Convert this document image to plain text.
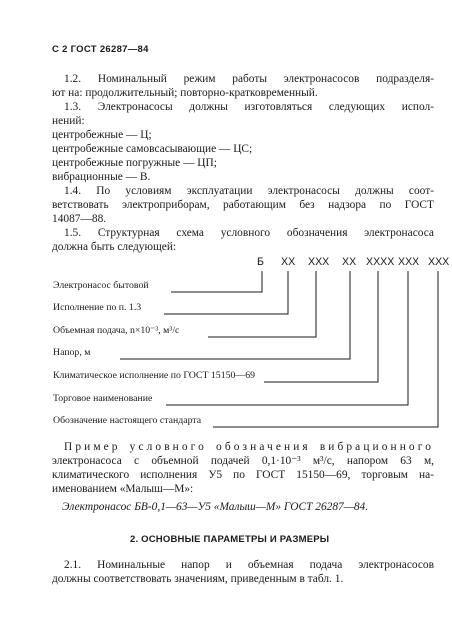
С 2 ГОСТ 26287—84
1.2. Номинальный режим работы электронасосов подразделя-
ют на: продолжительный; повторно-кратковременный.
1.3. Электронасосы должны изготовляться следующих испол-
нений:
центробежные — Ц;
центробежные самовсасывающие — ЦС;
центробежные погружные — ЦП;
вибрационные — В.
1.4. По условиям эксплуатации электронасосы должны соот-
ветствовать электроприборам, работающим без надзора по ГОСТ
14087—88.
1.5. Структурная схема условного обозначения электронасоса
должна быть следующей:
Б ХХ ХХХ ХХ ХХХХ ХХХ ХХХ
Электронасос бытовой
Исполнение по п. 1.3
Объемная подача, n×10⁻³, м³/с
Напор, м
Климатическое исполнение по ГОСТ 15150—69
Торговое наименование
Обозначение настоящего стандарта
Пример условного обозначения вибрационного
электронасоса с объемной подачей 0,1·10⁻³ м³/с, напором 63 м,
климатического исполнения У5 по ГОСТ 15150—69, торговым на-
именованием «Малыш—М»:
Электронасос БВ-0,1—63—У5 «Малыш—М» ГОСТ 26287—84.
2. ОСНОВНЫЕ ПАРАМЕТРЫ И РАЗМЕРЫ
2.1. Номинальные напор и объемная подача электронасосов
должны соответствовать значениям, приведенным в табл. 1.
